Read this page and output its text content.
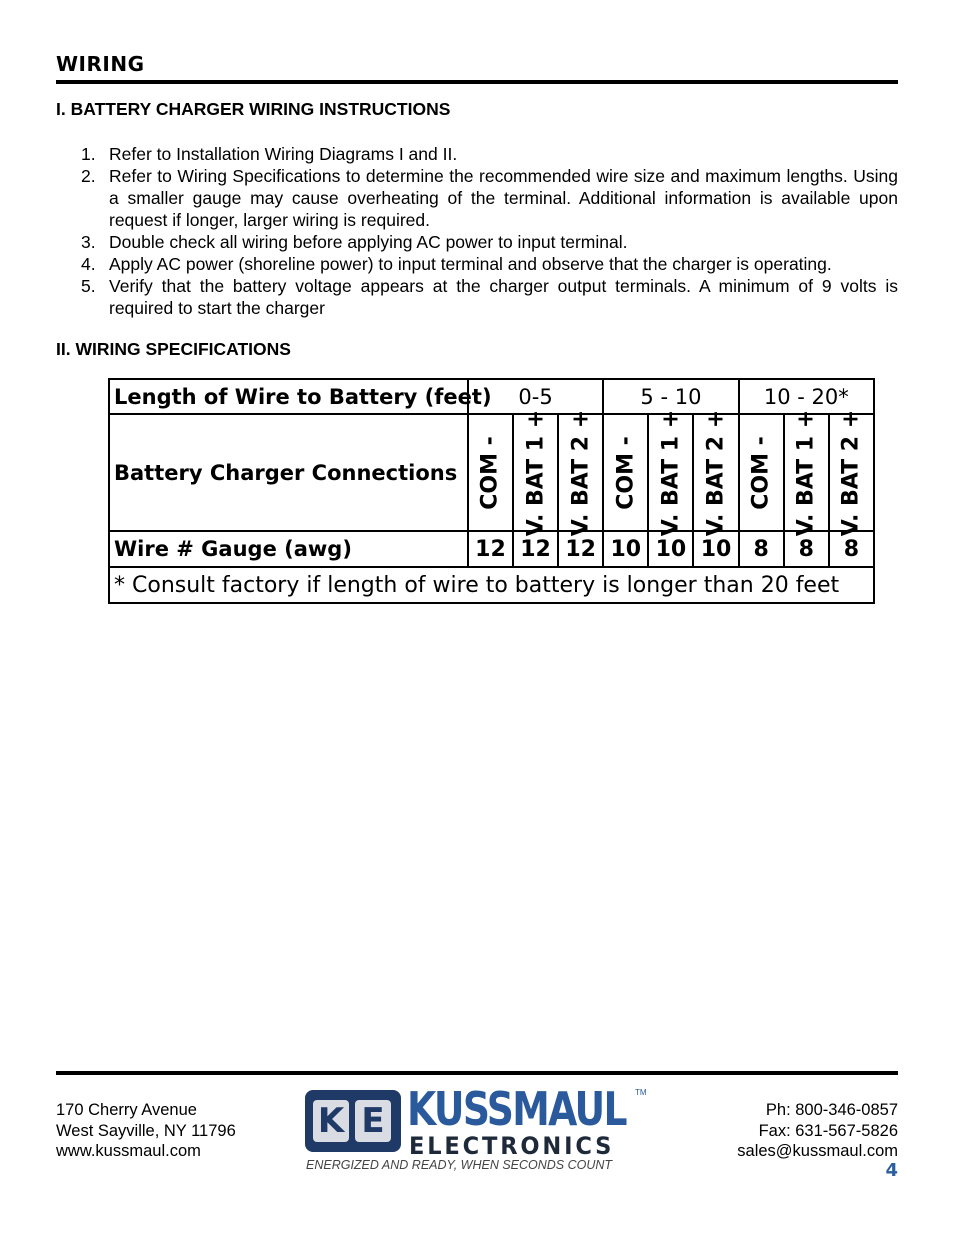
WIRING
I. BATTERY CHARGER WIRING INSTRUCTIONS
1. Refer to Installation Wiring Diagrams I and II.
2. Refer to Wiring Specifications to determine the recommended wire size and maximum lengths. Using a smaller gauge may cause overheating of the terminal. Additional information is available upon request if longer, larger wiring is required.
3. Double check all wiring before applying AC power to input terminal.
4. Apply AC power (shoreline power) to input terminal and observe that the charger is operating.
5. Verify that the battery voltage appears at the charger output terminals. A minimum of 9 volts is required to start the charger
II. WIRING SPECIFICATIONS
Length of Wire to Battery (feet)	0-5			5 - 10			10 - 20*		
Battery Charger Connections	COM -	V. BAT 1 +	V. BAT 2 +	COM -	V. BAT 1 +	V. BAT 2 +	COM -	V. BAT 1 +	V. BAT 2 +

Wire # Gauge (awg)	12	12	12	10	10	10	8	8	8
* Consult factory if length of wire to battery is longer than 20 feet									
170 Cherry Avenue
West Sayville, NY 11796
www.kussmaul.com
K E KUSSMAUL TM
ELECTRONICS
ENERGIZED AND READY, WHEN SECONDS COUNT
Ph: 800-346-0857
Fax: 631-567-5826
sales@kussmaul.com
4
